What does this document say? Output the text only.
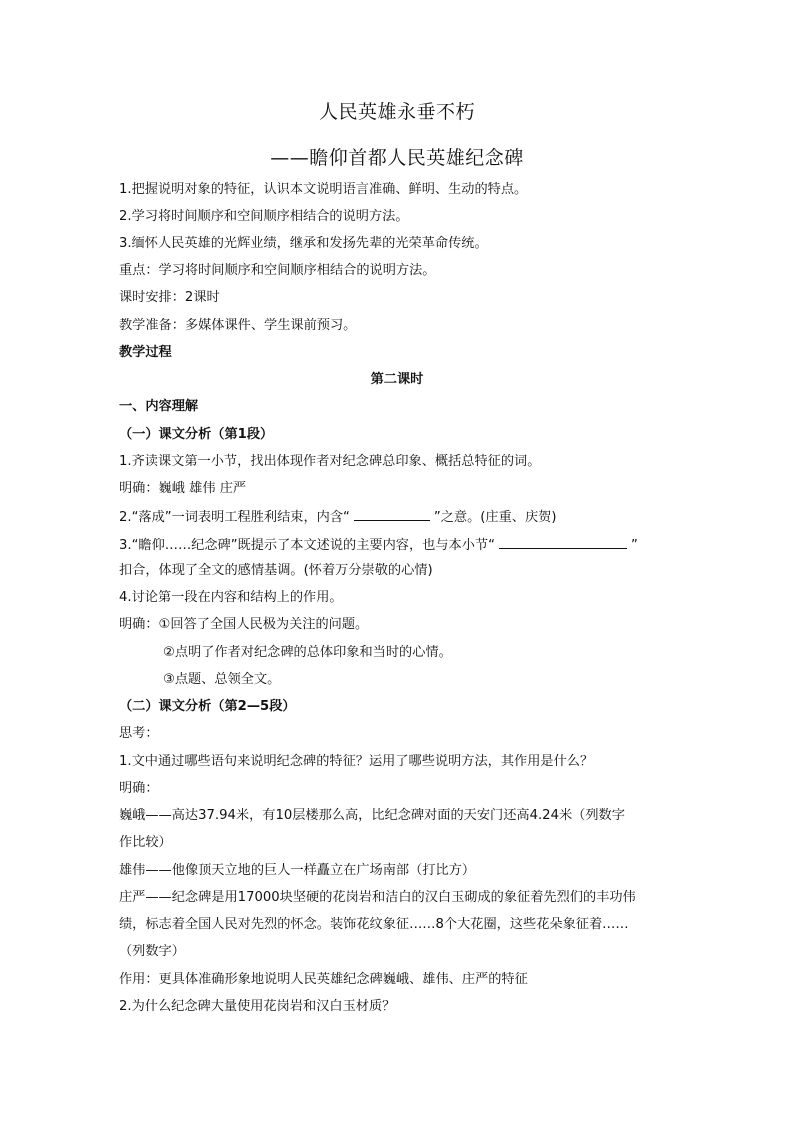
人民英雄永垂不朽
——瞻仰首都人民英雄纪念碑
1.把握说明对象的特征，认识本文说明语言准确、鲜明、生动的特点。
2.学习将时间顺序和空间顺序相结合的说明方法。
3.缅怀人民英雄的光辉业绩，继承和发扬先辈的光荣革命传统。
重点：学习将时间顺序和空间顺序相结合的说明方法。
课时安排：2课时
教学准备：多媒体课件、学生课前预习。
教学过程
第二课时
一、内容理解
（一）课文分析（第1段）
1.齐读课文第一小节，找出体现作者对纪念碑总印象、概括总特征的词。
明确：巍峨 雄伟 庄严
2.“落成”一词表明工程胜利结束，内含“	”之意。(庄重、庆贺)
3.“瞻仰……纪念碑”既提示了本文述说的主要内容，也与本小节“	”
扣合，体现了全文的感情基调。(怀着万分崇敬的心情)
4.讨论第一段在内容和结构上的作用。
明确：①回答了全国人民极为关注的问题。
②点明了作者对纪念碑的总体印象和当时的心情。
③点题、总领全文。
（二）课文分析（第2—5段）
思考：
1.文中通过哪些语句来说明纪念碑的特征？运用了哪些说明方法，其作用是什么？
明确：
巍峨——高达37.94米，有10层楼那么高，比纪念碑对面的天安门还高4.24米（列数字
作比较）
雄伟——他像顶天立地的巨人一样矗立在广场南部（打比方）
庄严——纪念碑是用17000块坚硬的花岗岩和洁白的汉白玉砌成的象征着先烈们的丰功伟
绩，标志着全国人民对先烈的怀念。装饰花纹象征……8个大花圈，这些花朵象征着……
（列数字）
作用：更具体准确形象地说明人民英雄纪念碑巍峨、雄伟、庄严的特征
2.为什么纪念碑大量使用花岗岩和汉白玉材质？
